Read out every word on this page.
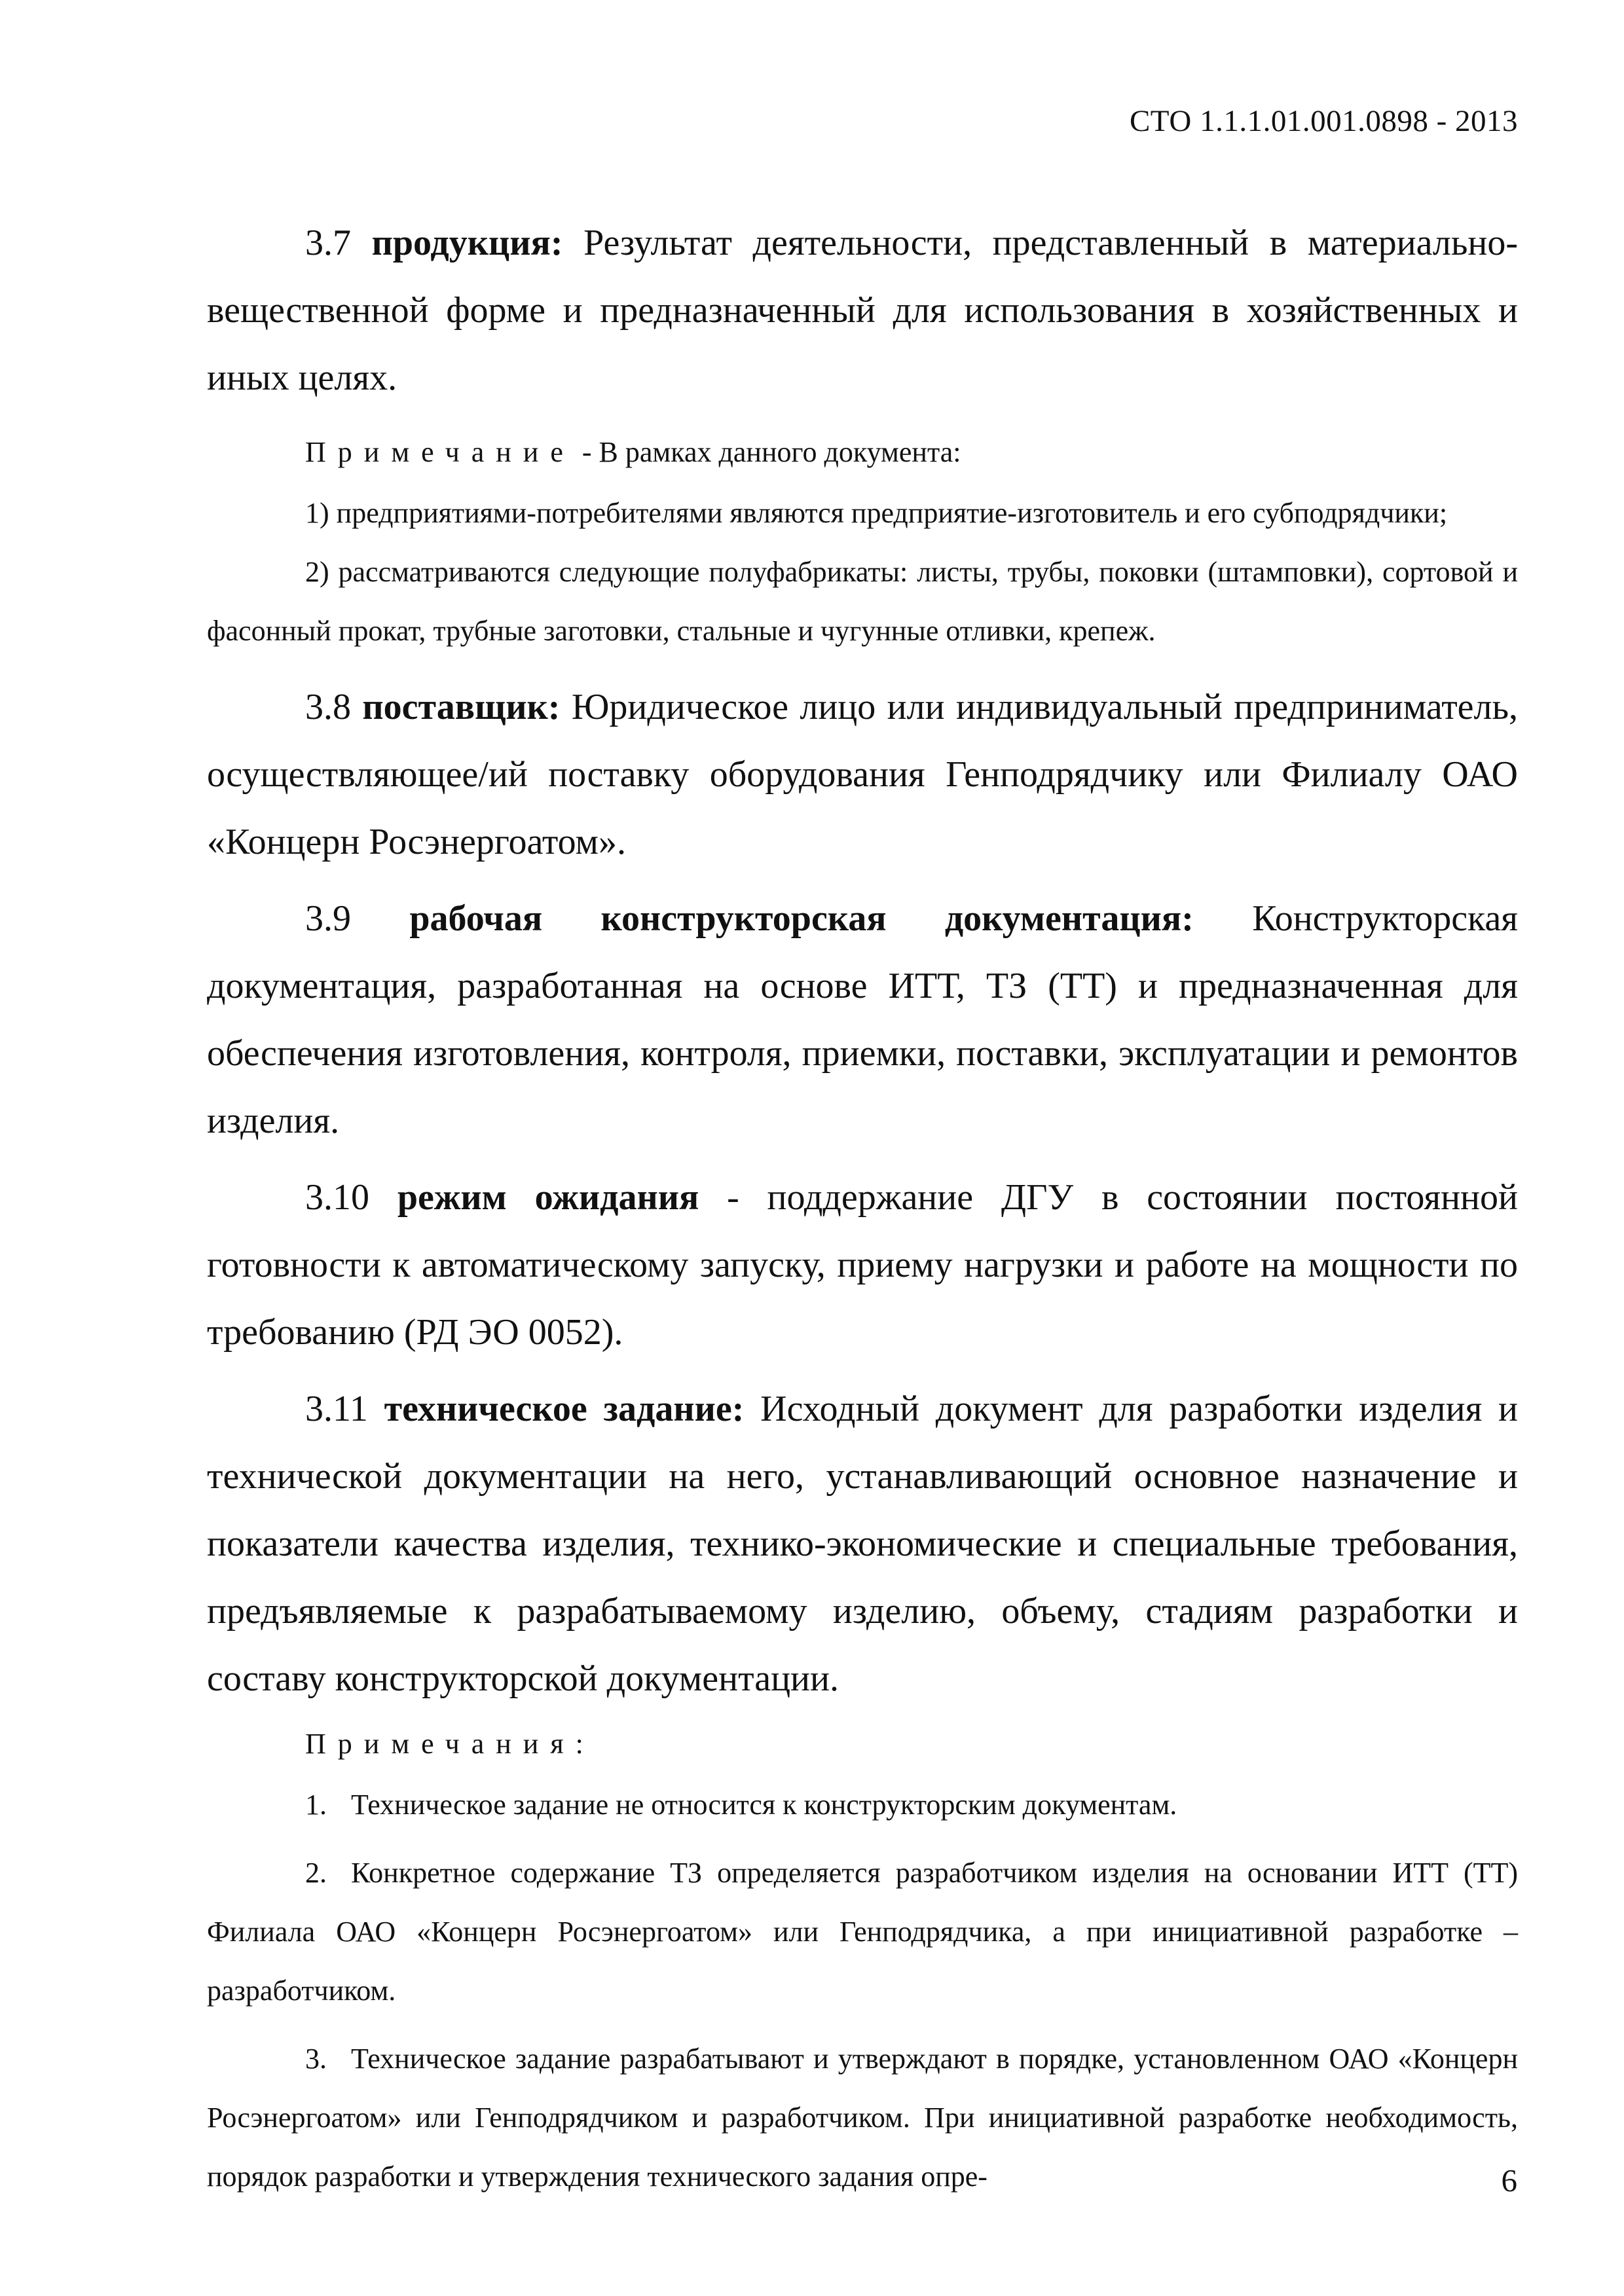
СТО 1.1.1.01.001.0898 - 2013

3.7 продукция: Результат деятельности, представленный в материально-вещественной форме и предназначенный для использования в хозяйственных и иных целях.

Примечание - В рамках данного документа:

1) предприятиями-потребителями являются предприятие-изготовитель и его субподрядчики;

2) рассматриваются следующие полуфабрикаты: листы, трубы, поковки (штамповки), сортовой и фасонный прокат, трубные заготовки, стальные и чугунные отливки, крепеж.

3.8 поставщик: Юридическое лицо или индивидуальный предприниматель, осуществляющее/ий поставку оборудования Генподрядчику или Филиалу ОАО «Концерн Росэнергоатом».

3.9 рабочая конструкторская документация: Конструкторская документация, разработанная на основе ИТТ, ТЗ (ТТ) и предназначенная для обеспечения изготовления, контроля, приемки, поставки, эксплуатации и ремонтов изделия.

3.10 режим ожидания - поддержание ДГУ в состоянии постоянной готовности к автоматическому запуску, приему нагрузки и работе на мощности по требованию (РД ЭО 0052).

3.11 техническое задание: Исходный документ для разработки изделия и технической документации на него, устанавливающий основное назначение и показатели качества изделия, технико-экономические и специальные требования, предъявляемые к разрабатываемому изделию, объему, стадиям разработки и составу конструкторской документации.

Примечания:

1. Техническое задание не относится к конструкторским документам.

2. Конкретное содержание ТЗ определяется разработчиком изделия на основании ИТТ (ТТ) Филиала ОАО «Концерн Росэнергоатом» или Генподрядчика, а при инициативной разработке – разработчиком.

3. Техническое задание разрабатывают и утверждают в порядке, установленном ОАО «Концерн Росэнергоатом» или Генподрядчиком и разработчиком. При инициативной разработке необходимость, порядок разработки и утверждения технического задания опре-	6
